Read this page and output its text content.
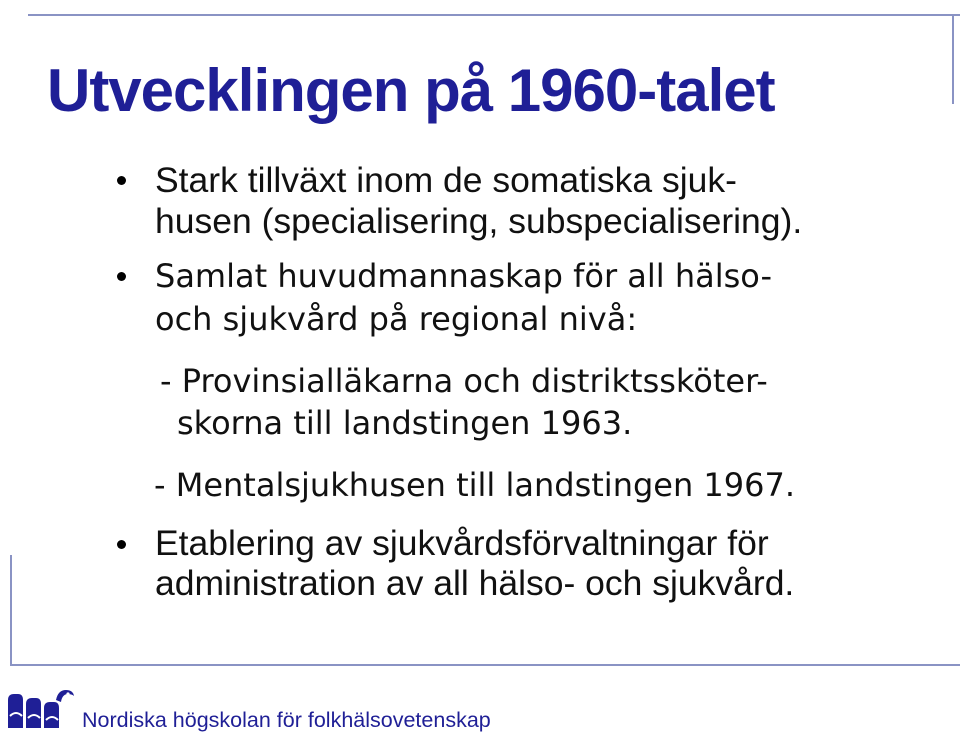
Utvecklingen på 1960-talet

Stark tillväxt inom de somatiska sjuk-

husen (specialisering, subspecialisering).

Samlat huvudmannaskap för all hälso-

och sjukvård på regional nivå:

- Provinsialläkarna och distriktssköter-

skorna till landstingen 1963.

- Mentalsjukhusen till landstingen 1967.

Etablering av sjukvårdsförvaltningar för

administration av all hälso- och sjukvård.

Nordiska högskolan för folkhälsovetenskap
